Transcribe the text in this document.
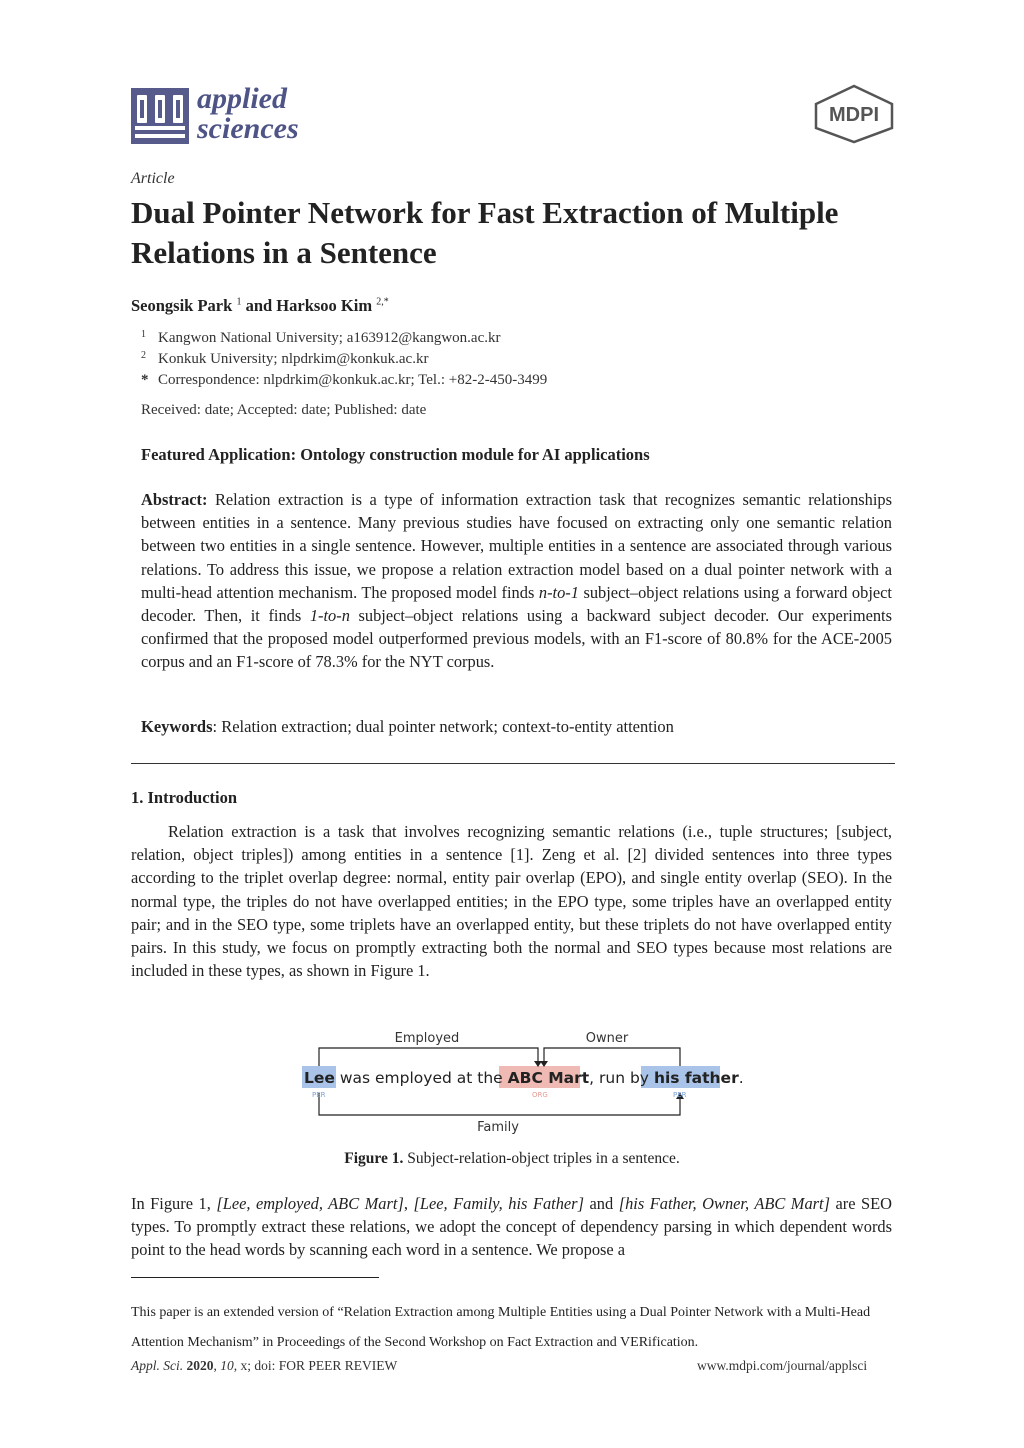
applied
sciences	MDPI
Article
Dual Pointer Network for Fast Extraction of Multiple Relations in a Sentence
Seongsik Park $^1$ and Harksoo Kim $^{2,*}$
1 Kangwon National University; a163912@kangwon.ac.kr
2 Konkuk University; nlpdrkim@konkuk.ac.kr
* Correspondence: nlpdrkim@konkuk.ac.kr; Tel.: +82-2-450-3499
Received: date; Accepted: date; Published: date
Featured Application: Ontology construction module for AI applications
Abstract: Relation extraction is a type of information extraction task that recognizes semantic relationships between entities in a sentence. Many previous studies have focused on extracting only one semantic relation between two entities in a single sentence. However, multiple entities in a sentence are associated through various relations. To address this issue, we propose a relation extraction model based on a dual pointer network with a multi-head attention mechanism. The proposed model finds n-to-1 subject–object relations using a forward object decoder. Then, it finds 1-to-n subject–object relations using a backward subject decoder. Our experiments confirmed that the proposed model outperformed previous models, with an F1-score of 80.8% for the ACE-2005 corpus and an F1-score of 78.3% for the NYT corpus.
Keywords: Relation extraction; dual pointer network; context-to-entity attention
1. Introduction
Relation extraction is a task that involves recognizing semantic relations (i.e., tuple structures; [subject, relation, object triples]) among entities in a sentence [1]. Zeng et al. [2] divided sentences into three types according to the triplet overlap degree: normal, entity pair overlap (EPO), and single entity overlap (SEO). In the normal type, the triples do not have overlapped entities; in the EPO type, some triples have an overlapped entity pair; and in the SEO type, some triplets have an overlapped entity, but these triplets do not have overlapped entity pairs. In this study, we focus on promptly extracting both the normal and SEO types because most relations are included in these types, as shown in Figure 1.
Employed	Owner
Family
Lee was employed at the ABC Mart, run by his father.
PER	ORG	PER
Figure 1. Subject-relation-object triples in a sentence.
In Figure 1, [Lee, employed, ABC Mart], [Lee, Family, his Father] and [his Father, Owner, ABC Mart] are SEO types. To promptly extract these relations, we adopt the concept of dependency parsing in which dependent words point to the head words by scanning each word in a sentence. We propose a
This paper is an extended version of “Relation Extraction among Multiple Entities using a Dual Pointer Network with a Multi-Head Attention Mechanism” in Proceedings of the Second Workshop on Fact Extraction and VERification.
Appl. Sci. 2020, 10, x; doi: FOR PEER REVIEW	www.mdpi.com/journal/applsci
